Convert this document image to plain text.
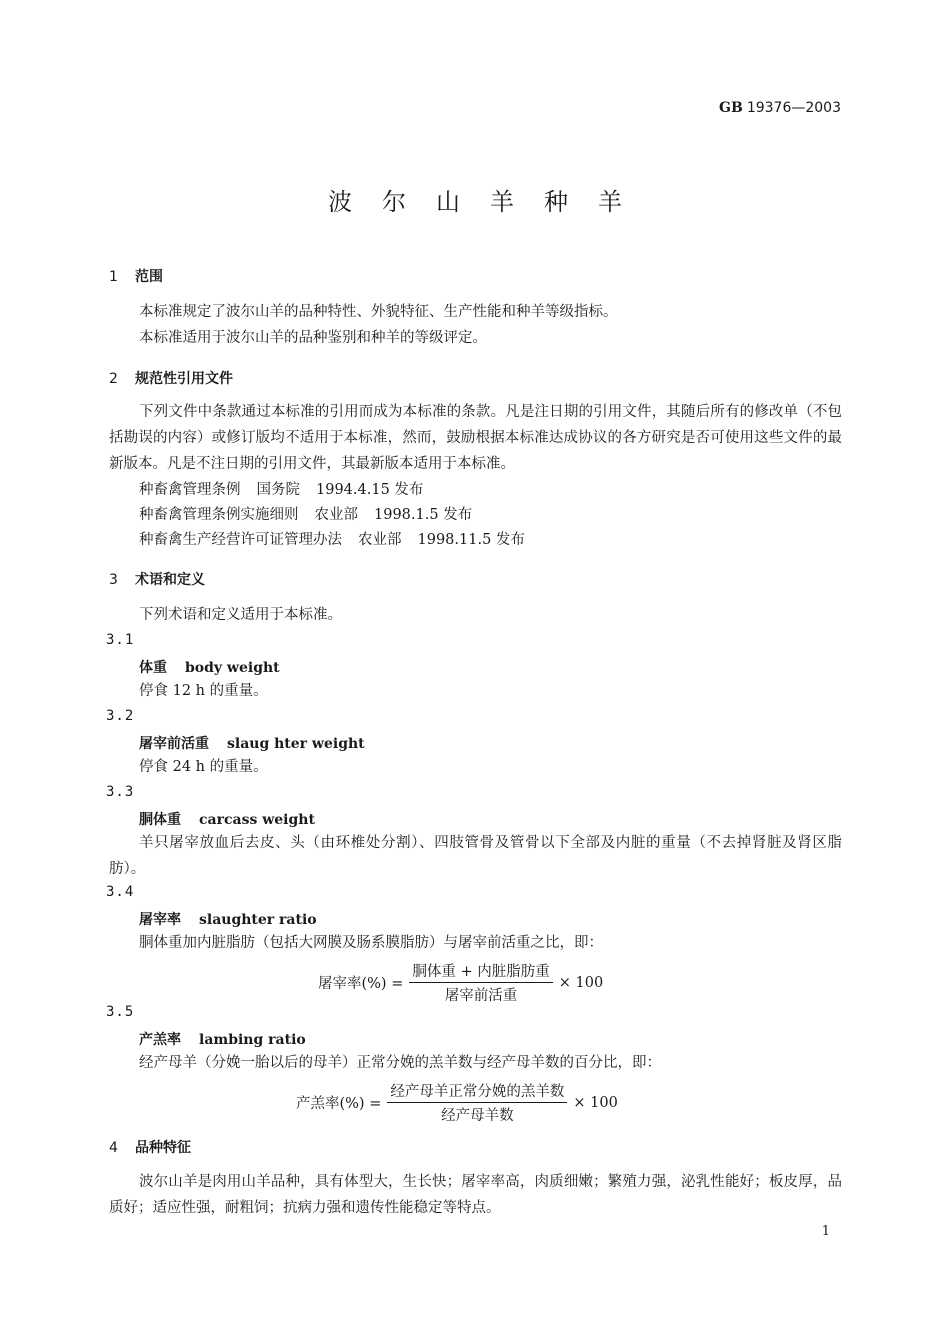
GB 19376—2003
波尔山羊种羊
1 范围
本标准规定了波尔山羊的品种特性、外貌特征、生产性能和种羊等级指标。
本标准适用于波尔山羊的品种鉴别和种羊的等级评定。
2 规范性引用文件
下列文件中条款通过本标准的引用而成为本标准的条款。凡是注日期的引用文件，其随后所有的修改单（不包括勘误的内容）或修订版均不适用于本标准，然而，鼓励根据本标准达成协议的各方研究是否可使用这些文件的最新版本。凡是不注日期的引用文件，其最新版本适用于本标准。
种畜禽管理条例 国务院 1994.4.15 发布
种畜禽管理条例实施细则 农业部 1998.1.5 发布
种畜禽生产经营许可证管理办法 农业部 1998.11.5 发布
3 术语和定义
下列术语和定义适用于本标准。
3.1
体重 body weight
停食 12 h 的重量。
3.2
屠宰前活重 slaug hter weight
停食 24 h 的重量。
3.3
胴体重 carcass weight
羊只屠宰放血后去皮、头（由环椎处分割）、四肢管骨及管骨以下全部及内脏的重量（不去掉肾脏及肾区脂肪）。
3.4
屠宰率 slaughter ratio
胴体重加内脏脂肪（包括大网膜及肠系膜脂肪）与屠宰前活重之比，即：
屠宰率(%) = $\frac{\text{胴体重 + 内脏脂肪重}}{\text{屠宰前活重}} \times 100$
3.5
产羔率 lambing ratio
经产母羊（分娩一胎以后的母羊）正常分娩的羔羊数与经产母羊数的百分比，即：
产羔率(%) = $\frac{\text{经产母羊正常分娩的羔羊数}}{\text{经产母羊数}} \times 100$
4 品种特征
波尔山羊是肉用山羊品种，具有体型大，生长快；屠宰率高，肉质细嫩；繁殖力强，泌乳性能好；板皮厚，品质好；适应性强，耐粗饲；抗病力强和遗传性能稳定等特点。
1
